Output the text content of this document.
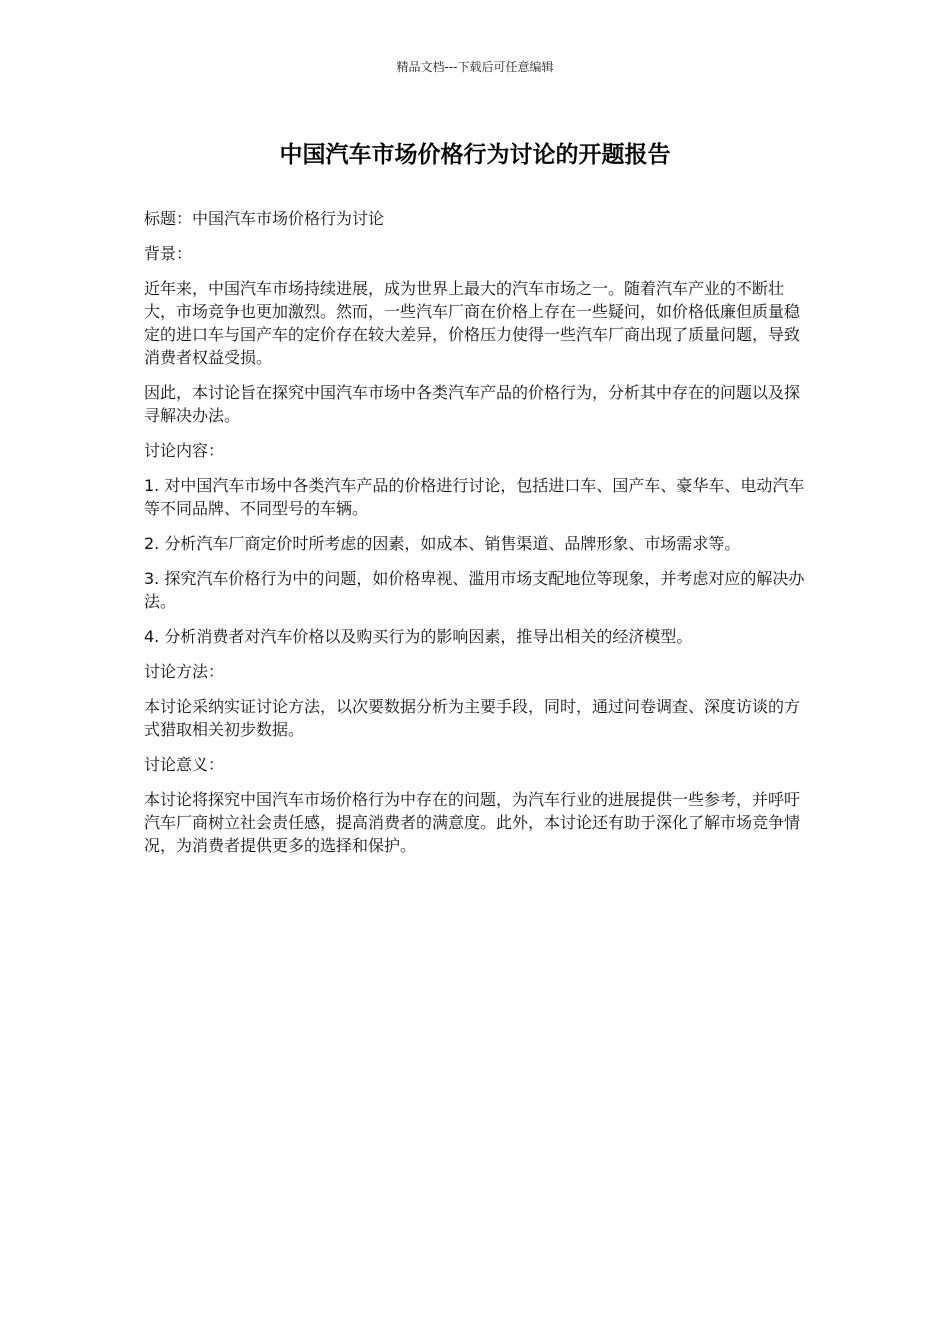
精品文档---下载后可任意编辑
中国汽车市场价格行为讨论的开题报告

标题：中国汽车市场价格行为讨论

背景：

近年来，中国汽车市场持续进展，成为世界上最大的汽车市场之一。随着汽车产业的不断壮大，市场竞争也更加激烈。然而，一些汽车厂商在价格上存在一些疑问，如价格低廉但质量稳定的进口车与国产车的定价存在较大差异，价格压力使得一些汽车厂商出现了质量问题，导致消费者权益受损。

因此，本讨论旨在探究中国汽车市场中各类汽车产品的价格行为，分析其中存在的问题以及探寻解决办法。

讨论内容：

1. 对中国汽车市场中各类汽车产品的价格进行讨论，包括进口车、国产车、豪华车、电动汽车等不同品牌、不同型号的车辆。

2. 分析汽车厂商定价时所考虑的因素，如成本、销售渠道、品牌形象、市场需求等。

3. 探究汽车价格行为中的问题，如价格卑视、滥用市场支配地位等现象，并考虑对应的解决办法。

4. 分析消费者对汽车价格以及购买行为的影响因素，推导出相关的经济模型。

讨论方法：

本讨论采纳实证讨论方法，以次要数据分析为主要手段，同时，通过问卷调查、深度访谈的方式猎取相关初步数据。

讨论意义：

本讨论将探究中国汽车市场价格行为中存在的问题，为汽车行业的进展提供一些参考，并呼吁汽车厂商树立社会责任感，提高消费者的满意度。此外，本讨论还有助于深化了解市场竞争情况，为消费者提供更多的选择和保护。
